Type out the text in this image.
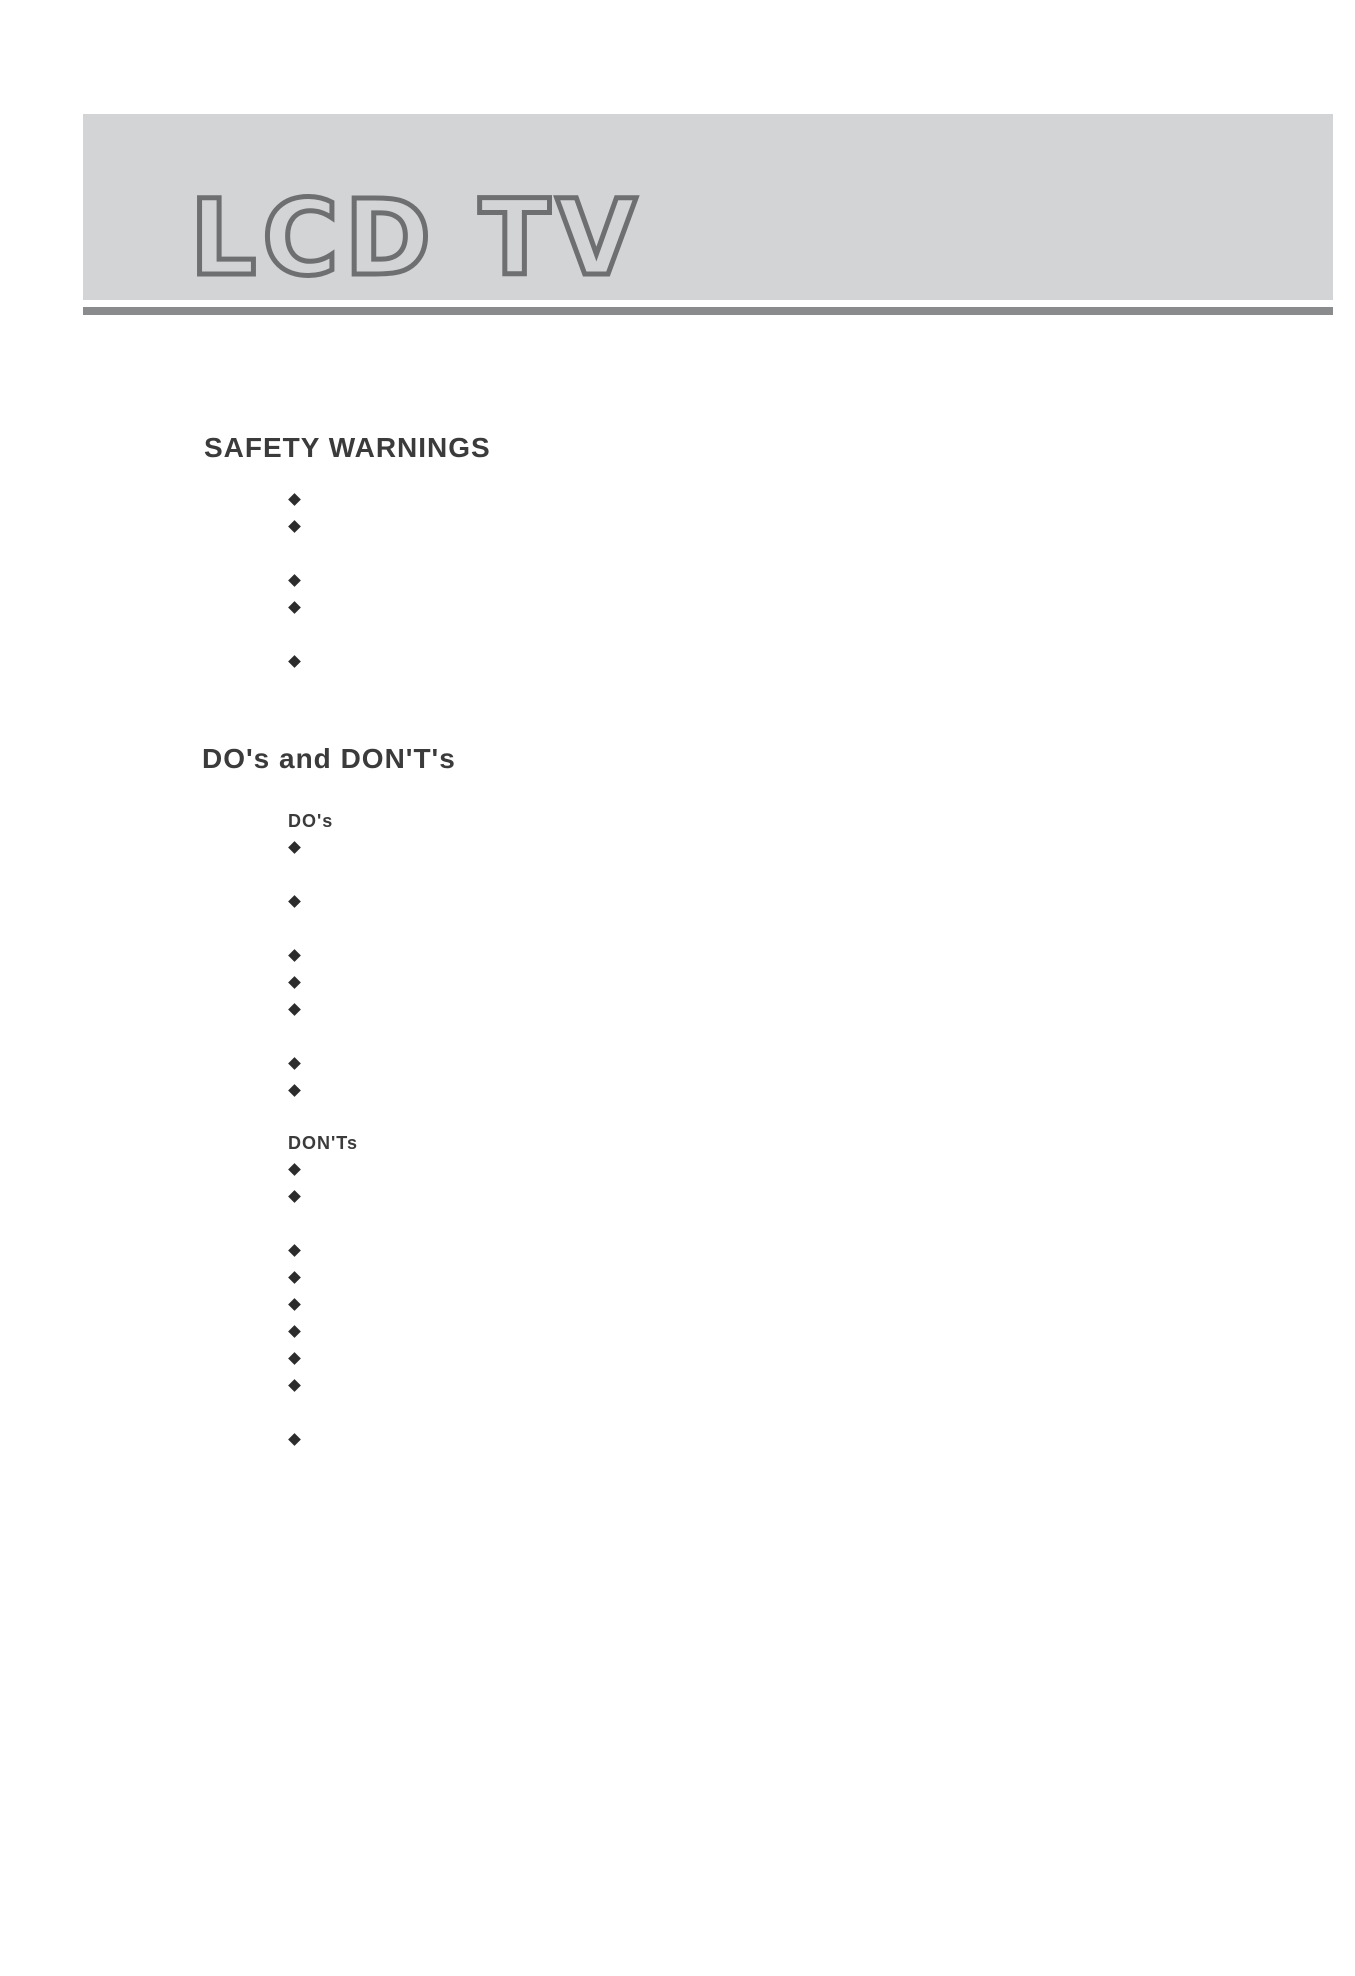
LCD TV
SAFETY WARNINGS
DO's and DON'T's
DO's
DON'Ts
